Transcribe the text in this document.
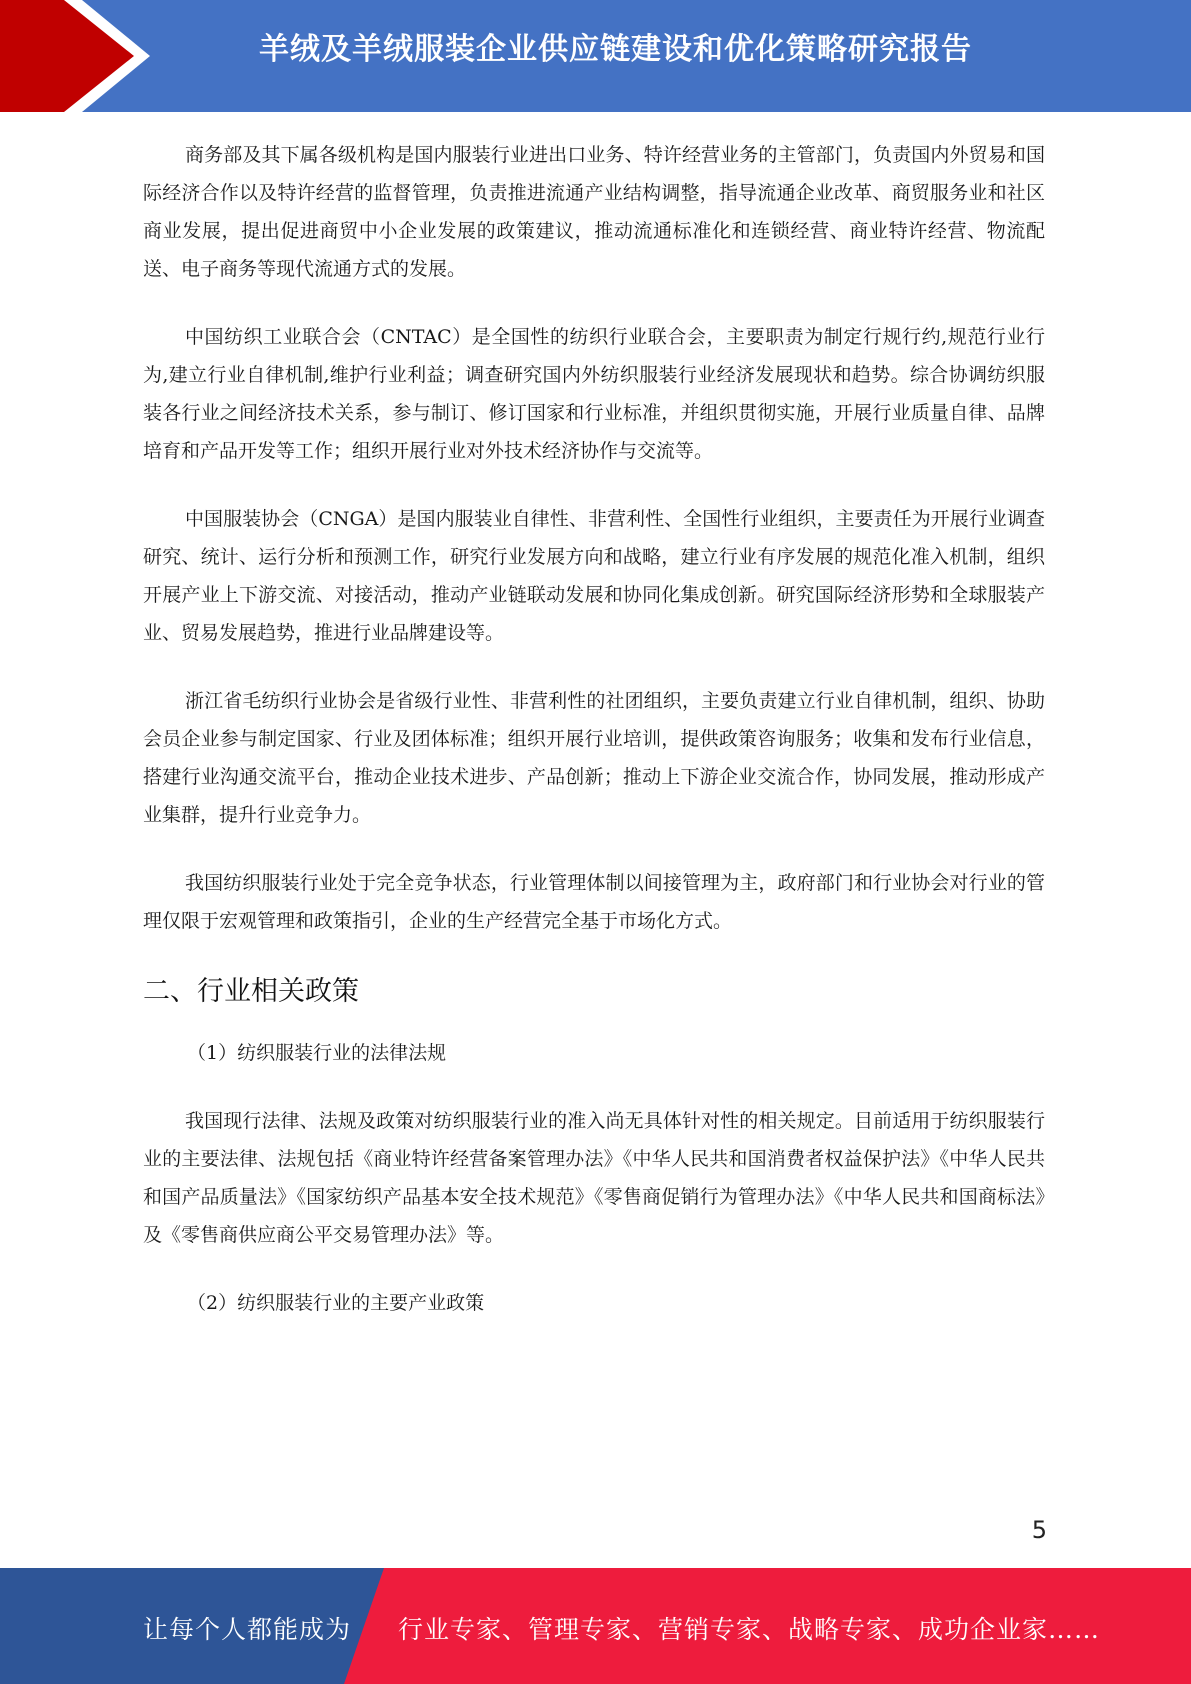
羊绒及羊绒服装企业供应链建设和优化策略研究报告

商务部及其下属各级机构是国内服装行业进出口业务、特许经营业务的主管部门，负责国内外贸易和国际经济合作以及特许经营的监督管理，负责推进流通产业结构调整，指导流通企业改革、商贸服务业和社区商业发展，提出促进商贸中小企业发展的政策建议，推动流通标准化和连锁经营、商业特许经营、物流配送、电子商务等现代流通方式的发展。

中国纺织工业联合会（CNTAC）是全国性的纺织行业联合会，主要职责为制定行规行约,规范行业行为,建立行业自律机制,维护行业利益；调查研究国内外纺织服装行业经济发展现状和趋势。综合协调纺织服装各行业之间经济技术关系，参与制订、修订国家和行业标准，并组织贯彻实施，开展行业质量自律、品牌培育和产品开发等工作；组织开展行业对外技术经济协作与交流等。

中国服装协会（CNGA）是国内服装业自律性、非营利性、全国性行业组织，主要责任为开展行业调查研究、统计、运行分析和预测工作，研究行业发展方向和战略，建立行业有序发展的规范化准入机制，组织开展产业上下游交流、对接活动，推动产业链联动发展和协同化集成创新。研究国际经济形势和全球服装产业、贸易发展趋势，推进行业品牌建设等。

浙江省毛纺织行业协会是省级行业性、非营利性的社团组织，主要负责建立行业自律机制，组织、协助会员企业参与制定国家、行业及团体标准；组织开展行业培训，提供政策咨询服务；收集和发布行业信息，搭建行业沟通交流平台，推动企业技术进步、产品创新；推动上下游企业交流合作，协同发展，推动形成产业集群，提升行业竞争力。

我国纺织服装行业处于完全竞争状态，行业管理体制以间接管理为主，政府部门和行业协会对行业的管理仅限于宏观管理和政策指引，企业的生产经营完全基于市场化方式。

二、行业相关政策

（1）纺织服装行业的法律法规

我国现行法律、法规及政策对纺织服装行业的准入尚无具体针对性的相关规定。目前适用于纺织服装行业的主要法律、法规包括《商业特许经营备案管理办法》《中华人民共和国消费者权益保护法》《中华人民共和国产品质量法》《国家纺织产品基本安全技术规范》《零售商促销行为管理办法》《中华人民共和国商标法》及《零售商供应商公平交易管理办法》等。

（2）纺织服装行业的主要产业政策

5
让每个人都能成为 行业专家、管理专家、营销专家、战略专家、成功企业家……
